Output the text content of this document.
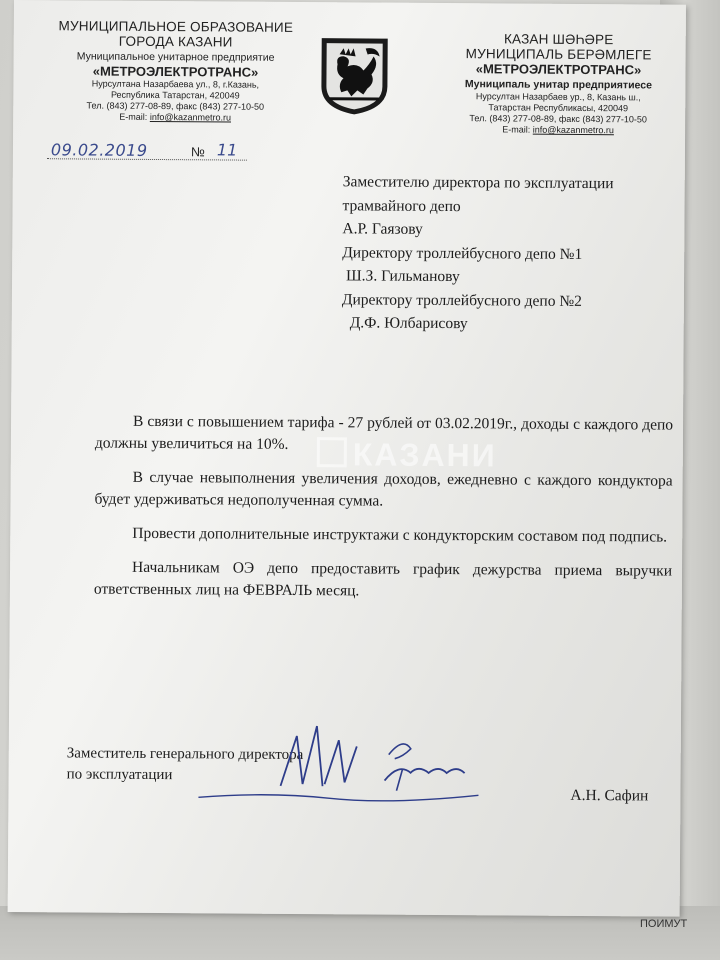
ПОИМУТ
МУНИЦИПАЛЬНОЕ ОБРАЗОВАНИЕ
ГОРОДА КАЗАНИ
Муниципальное унитарное предприятие
«МЕТРОЭЛЕКТРОТРАНС»
Нурсултана Назарбаева ул., 8, г.Казань,
Республика Татарстан, 420049
Тел. (843) 277-08-89, факс (843) 277-10-50
E-mail: info@kazanmetro.ru
КАЗАН ШӘҺӘРЕ
МУНИЦИПАЛЬ БЕРӘМЛЕГЕ
«МЕТРОЭЛЕКТРОТРАНС»
Муниципаль унитар предприятиесе
Нурсултан Назарбаев ур., 8, Казань ш.,
Татарстан Республикасы, 420049
Тел. (843) 277-08-89, факс (843) 277-10-50
E-mail: info@kazanmetro.ru
09.02.2019	№ 11
Заместителю директора по эксплуатации
трамвайного депо
А.Р. Гаязову
Директору троллейбусного депо №1
Ш.З. Гильманову
Директору троллейбусного депо №2
Д.Ф. Юлбарисову

В связи с повышением тарифа - 27 рублей от 03.02.2019г., доходы с каждого депо должны увеличиться на 10%.

В случае невыполнения увеличения доходов, ежедневно с каждого кондуктора будет удерживаться недополученная сумма.

Провести дополнительные инструктажи с кондукторским составом под подпись.

Начальникам ОЭ депо предоставить график дежурства приема выручки ответственных лиц на ФЕВРАЛЬ месяц.

КАЗАНИ
Заместитель генерального директора
по эксплуатации
А.Н. Сафин
